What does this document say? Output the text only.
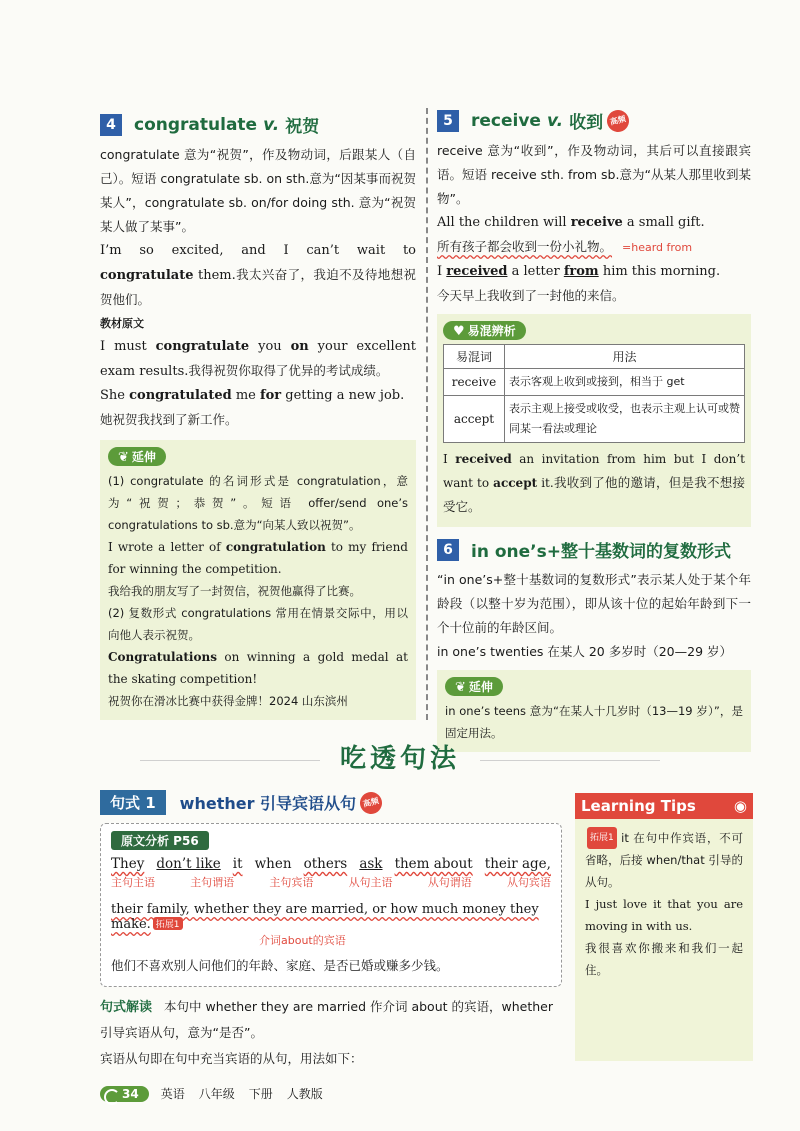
4	congratulate v. 祝贺

congratulate 意为“祝贺”，作及物动词，后跟某人（自己）。短语 congratulate sb. on sth.意为“因某事而祝贺某人”，congratulate sb. on/for doing sth. 意为“祝贺某人做了某事”。

I’m so excited, and I can’t wait to congratulate them.我太兴奋了，我迫不及待地想祝贺他们。

教材原文

I must congratulate you on your excellent exam results.我得祝贺你取得了优异的考试成绩。

She congratulated me for getting a new job.

她祝贺我找到了新工作。

❦ 延伸

(1) congratulate 的名词形式是 congratulation，意为“祝贺；恭贺”。短语 offer/send one’s congratulations to sb.意为“向某人致以祝贺”。

I wrote a letter of congratulation to my friend for winning the competition.

我给我的朋友写了一封贺信，祝贺他赢得了比赛。

(2) 复数形式 congratulations 常用在情景交际中，用以向他人表示祝贺。

Congratulations on winning a gold medal at the skating competition!

祝贺你在滑冰比赛中获得金牌！2024 山东滨州

5	receive v. 收到 高频

receive 意为“收到”，作及物动词，其后可以直接跟宾语。短语 receive sth. from sb.意为“从某人那里收到某物”。

All the children will receive a small gift.

所有孩子都会收到一份小礼物。 =heard from

I received a letter from him this morning.

今天早上我收到了一封他的来信。

♥ 易混辨析
易混词	用法
receive	表示客观上收到或接到，相当于 get
accept	表示主观上接受或收受，也表示主观上认可或赞同某一看法或理论

I received an invitation from him but I don’t want to accept it.我收到了他的邀请，但是我不想接受它。

6	in one’s+整十基数词的复数形式

“in one’s+整十基数词的复数形式”表示某人处于某个年龄段（以整十岁为范围），即从该十位的起始年龄到下一个十位前的年龄区间。

in one’s twenties 在某人 20 多岁时（20—29 岁）

❦ 延伸

in one’s teens 意为“在某人十几岁时（13—19 岁）”，是固定用法。

吃透句法
句式 1	whether 引导宾语从句 高频
原文分析 P56
They don’t like it when others ask them about their age,
主句主语	主句谓语	主句宾语	从句主语	从句谓语	从句宾语
their family, whether they are married, or how much money they make. 拓展1
介词about的宾语

他们不喜欢别人问他们的年龄、家庭、是否已婚或赚多少钱。

句式解读 本句中 whether they are married 作介词 about 的宾语，whether 引导宾语从句，意为“是否”。
宾语从句即在句中充当宾语的从句，用法如下：
Learning Tips	◉

拓展1 it 在句中作宾语，不可省略，后接 when/that 引导的从句。

I just love it that you are moving in with us.

我很喜欢你搬来和我们一起住。

34	英语 八年级 下册 人教版
